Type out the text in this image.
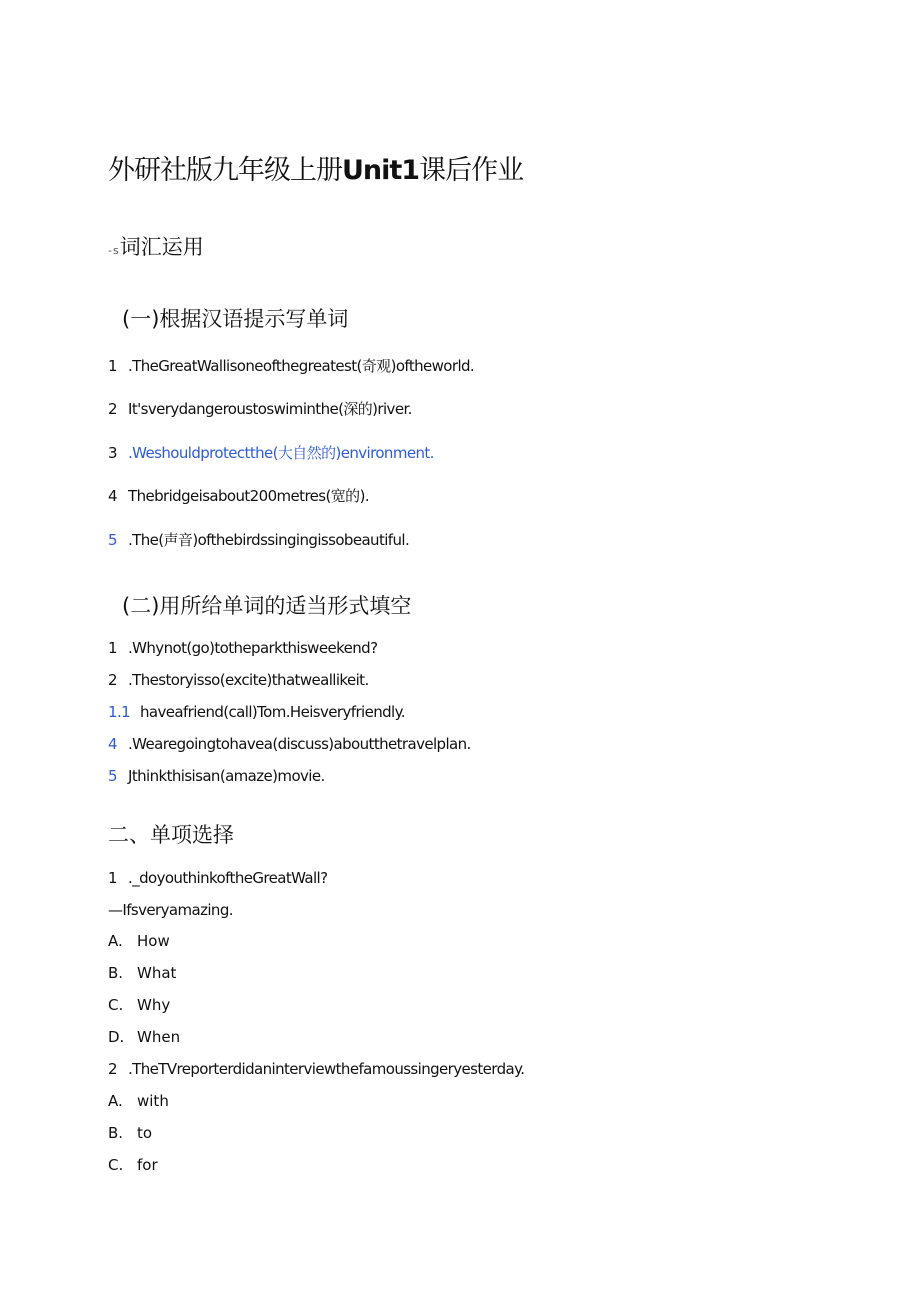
外研社版九年级上册Unit1课后作业
-s词汇运用
(一)根据汉语提示写单词
1 .TheGreatWallisoneofthegreatest(奇观)oftheworld.
2 It'sverydangeroustoswiminthe(深的)river.
3 .Weshouldprotectthe(大自然的)environment.
4 Thebridgeisabout200metres(宽的).
5 .The(声音)ofthebirdssingingissobeautiful.
(二)用所给单词的适当形式填空
1 .Whynot(go)totheparkthisweekend?
2 .Thestoryisso(excite)thatweallikeit.
1.1 haveafriend(call)Tom.Heisveryfriendly.
4 .Wearegoingtohavea(discuss)aboutthetravelplan.
5 Jthinkthisisan(amaze)movie.
二、单项选择
1 ._doyouthinkoftheGreatWall?
—Ifsveryamazing.
A. How
B. What
C. Why
D. When
2 .TheTVreporterdidaninterviewthefamoussingeryesterday.
A. with
B. to
C. for
